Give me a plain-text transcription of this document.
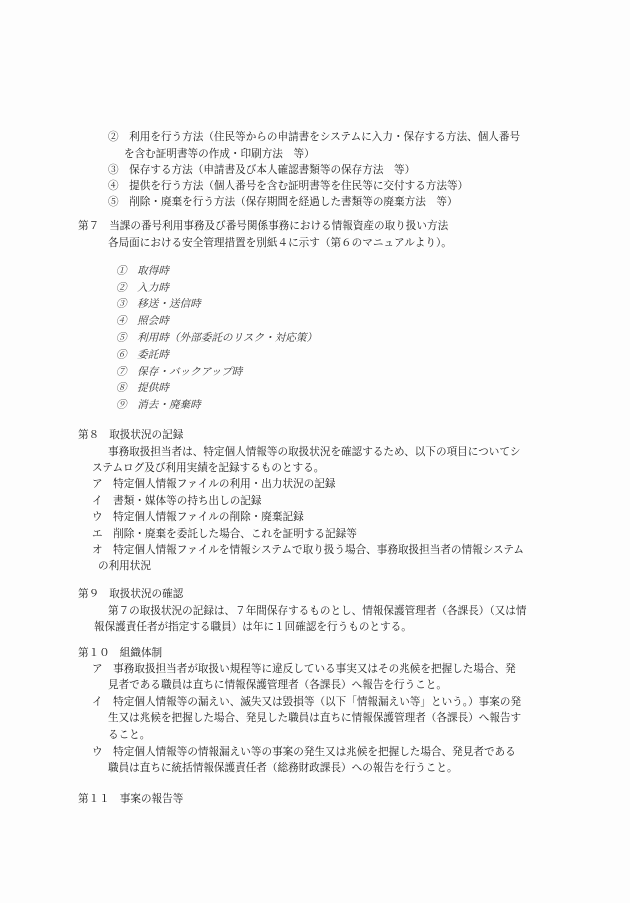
②　利用を行う方法（住民等からの申請書をシステムに入力・保存する方法、個人番号
を含む証明書等の作成・印刷方法　等）
③　保存する方法（申請書及び本人確認書類等の保存方法　等）
④　提供を行う方法（個人番号を含む証明書等を住民等に交付する方法等）
⑤　削除・廃棄を行う方法（保存期間を経過した書類等の廃棄方法　等）
第７ 当課の番号利用事務及び番号関係事務における情報資産の取り扱い方法
各局面における安全管理措置を別紙４に示す（第６のマニュアルより）。
①　取得時
②　入力時
③　移送・送信時
④　照会時
⑤　利用時（外部委託のリスク・対応策）
⑥　委託時
⑦　保存・バックアップ時
⑧　提供時
⑨　消去・廃棄時
第８ 取扱状況の記録
事務取扱担当者は、特定個人情報等の取扱状況を確認するため、以下の項目についてシ
ステムログ及び利用実績を記録するものとする。
ア　特定個人情報ファイルの利用・出力状況の記録
イ　書類・媒体等の持ち出しの記録
ウ　特定個人情報ファイルの削除・廃棄記録
エ　削除・廃棄を委託した場合、これを証明する記録等
オ　特定個人情報ファイルを情報システムで取り扱う場合、事務取扱担当者の情報システム
の利用状況
第９ 取扱状況の確認
第７の取扱状況の記録は、７年間保存するものとし、情報保護管理者（各課長）（又は情
報保護責任者が指定する職員）は年に１回確認を行うものとする。
第１０ 組織体制
ア　事務取扱担当者が取扱い規程等に違反している事実又はその兆候を把握した場合、発
見者である職員は直ちに情報保護管理者（各課長）へ報告を行うこと。
イ　特定個人情報等の漏えい、滅失又は毀損等（以下「情報漏えい等」という。）事案の発
生又は兆候を把握した場合、発見した職員は直ちに情報保護管理者（各課長）へ報告す
ること。
ウ　特定個人情報等の情報漏えい等の事案の発生又は兆候を把握した場合、発見者である
職員は直ちに統括情報保護責任者（総務財政課長）への報告を行うこと。
第１１ 事案の報告等
